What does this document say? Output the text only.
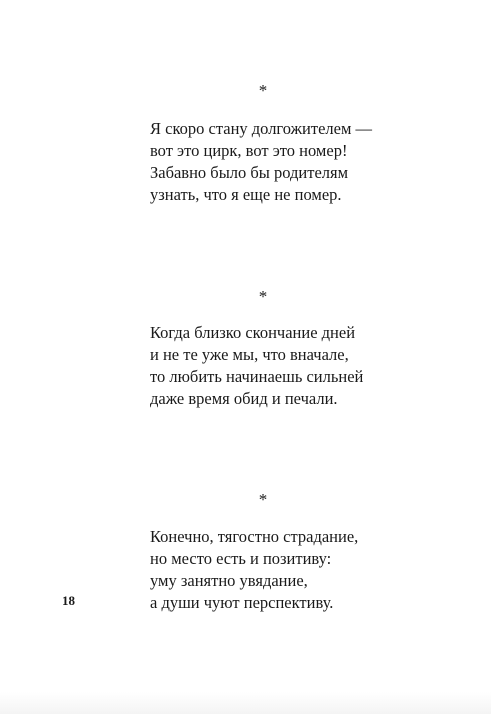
*
Я скоро стану долгожителем —
вот это цирк, вот это номер!
Забавно было бы родителям
узнать, что я еще не помер.
*
Когда близко скончание дней
и не те уже мы, что вначале,
то любить начинаешь сильней
даже время обид и печали.
*
Конечно, тягостно страдание,
но место есть и позитиву:
уму занятно увядание,
а души чуют перспективу.
18
